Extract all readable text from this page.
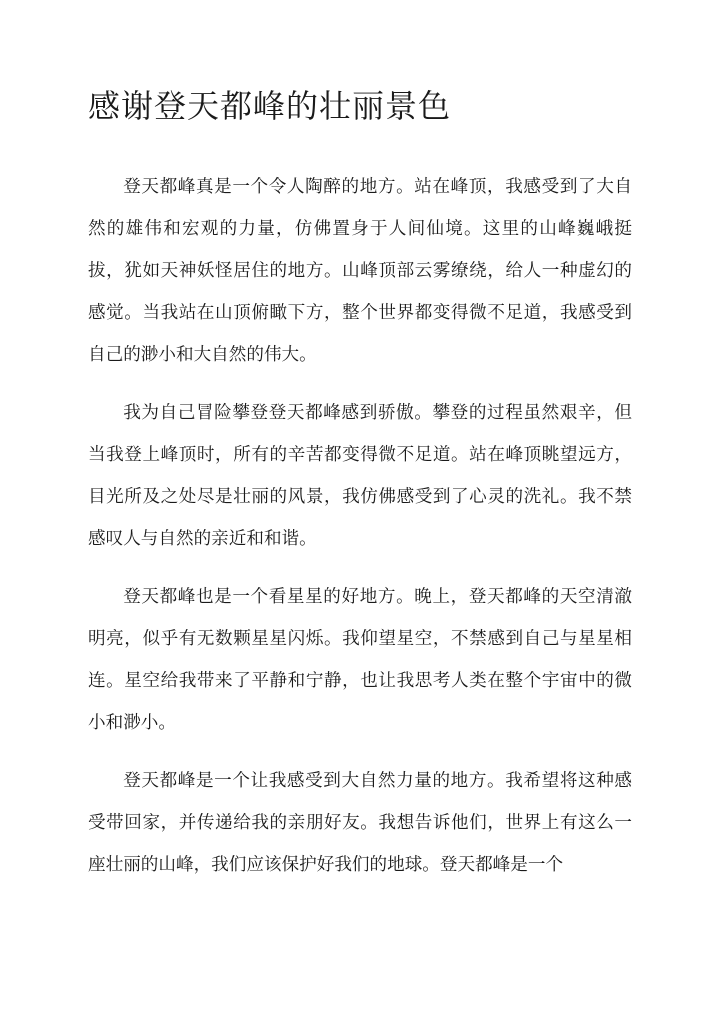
感谢登天都峰的壮丽景色

登天都峰真是一个令人陶醉的地方。站在峰顶，我感受到了大自然的雄伟和宏观的力量，仿佛置身于人间仙境。这里的山峰巍峨挺拔，犹如天神妖怪居住的地方。山峰顶部云雾缭绕，给人一种虚幻的感觉。当我站在山顶俯瞰下方，整个世界都变得微不足道，我感受到自己的渺小和大自然的伟大。

我为自己冒险攀登登天都峰感到骄傲。攀登的过程虽然艰辛，但当我登上峰顶时，所有的辛苦都变得微不足道。站在峰顶眺望远方，目光所及之处尽是壮丽的风景，我仿佛感受到了心灵的洗礼。我不禁感叹人与自然的亲近和和谐。

登天都峰也是一个看星星的好地方。晚上，登天都峰的天空清澈明亮，似乎有无数颗星星闪烁。我仰望星空，不禁感到自己与星星相连。星空给我带来了平静和宁静，也让我思考人类在整个宇宙中的微小和渺小。

登天都峰是一个让我感受到大自然力量的地方。我希望将这种感受带回家，并传递给我的亲朋好友。我想告诉他们，世界上有这么一座壮丽的山峰，我们应该保护好我们的地球。登天都峰是一个
